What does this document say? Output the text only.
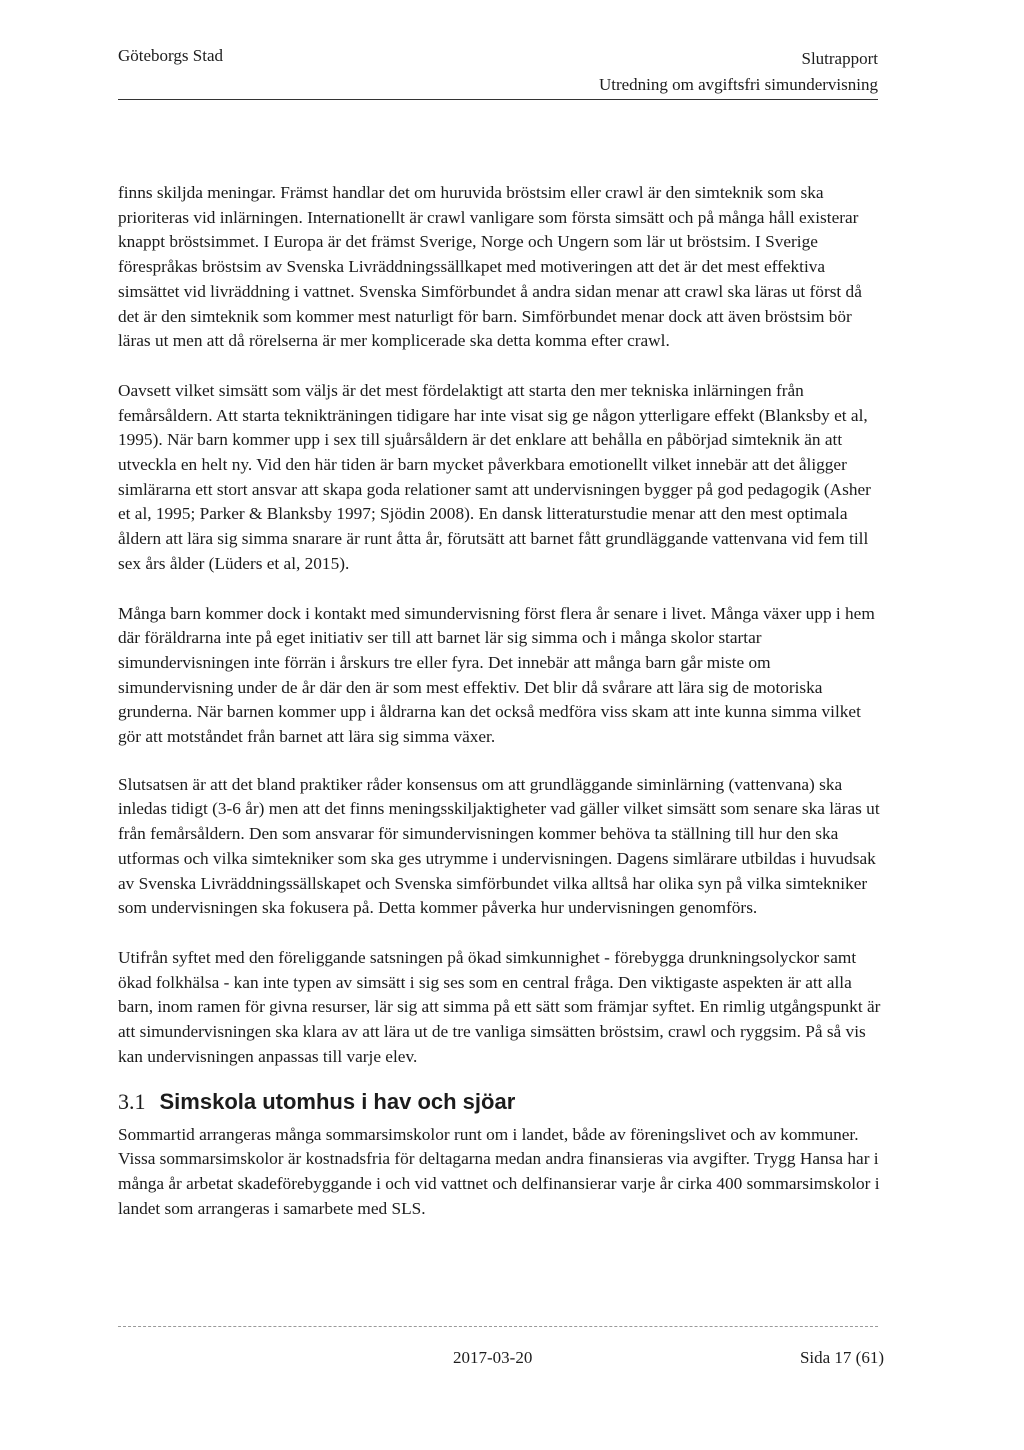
Göteborgs Stad	Slutrapport
Utredning om avgiftsfri simundervisning

finns skiljda meningar. Främst handlar det om huruvida bröstsim eller crawl är den simteknik som ska prioriteras vid inlärningen. Internationellt är crawl vanligare som första simsätt och på många håll existerar knappt bröstsimmet. I Europa är det främst Sverige, Norge och Ungern som lär ut bröstsim. I Sverige förespråkas bröstsim av Svenska Livräddningssällkapet med motiveringen att det är det mest effektiva simsättet vid livräddning i vattnet. Svenska Simförbundet å andra sidan menar att crawl ska läras ut först då det är den simteknik som kommer mest naturligt för barn. Simförbundet menar dock att även bröstsim bör läras ut men att då rörelserna är mer komplicerade ska detta komma efter crawl.

Oavsett vilket simsätt som väljs är det mest fördelaktigt att starta den mer tekniska inlärningen från femårsåldern. Att starta teknikträningen tidigare har inte visat sig ge någon ytterligare effekt (Blanksby et al, 1995). När barn kommer upp i sex till sjuårsåldern är det enklare att behålla en påbörjad simteknik än att utveckla en helt ny. Vid den här tiden är barn mycket påverkbara emotionellt vilket innebär att det åligger simlärarna ett stort ansvar att skapa goda relationer samt att undervisningen bygger på god pedagogik (Asher et al, 1995; Parker & Blanksby 1997; Sjödin 2008). En dansk litteraturstudie menar att den mest optimala åldern att lära sig simma snarare är runt åtta år, förutsätt att barnet fått grundläggande vattenvana vid fem till sex års ålder (Lüders et al, 2015).

Många barn kommer dock i kontakt med simundervisning först flera år senare i livet. Många växer upp i hem där föräldrarna inte på eget initiativ ser till att barnet lär sig simma och i många skolor startar simundervisningen inte förrän i årskurs tre eller fyra. Det innebär att många barn går miste om simundervisning under de år där den är som mest effektiv. Det blir då svårare att lära sig de motoriska grunderna. När barnen kommer upp i åldrarna kan det också medföra viss skam att inte kunna simma vilket gör att motståndet från barnet att lära sig simma växer.

Slutsatsen är att det bland praktiker råder konsensus om att grundläggande siminlärning (vattenvana) ska inledas tidigt (3-6 år) men att det finns meningsskiljaktigheter vad gäller vilket simsätt som senare ska läras ut från femårsåldern. Den som ansvarar för simundervisningen kommer behöva ta ställning till hur den ska utformas och vilka simtekniker som ska ges utrymme i undervisningen. Dagens simlärare utbildas i huvudsak av Svenska Livräddningssällskapet och Svenska simförbundet vilka alltså har olika syn på vilka simtekniker som undervisningen ska fokusera på. Detta kommer påverka hur undervisningen genomförs.

Utifrån syftet med den föreliggande satsningen på ökad simkunnighet - förebygga drunkningsolyckor samt ökad folkhälsa - kan inte typen av simsätt i sig ses som en central fråga. Den viktigaste aspekten är att alla barn, inom ramen för givna resurser, lär sig att simma på ett sätt som främjar syftet. En rimlig utgångspunkt är att simundervisningen ska klara av att lära ut de tre vanliga simsätten bröstsim, crawl och ryggsim. På så vis kan undervisningen anpassas till varje elev.

3.1 Simskola utomhus i hav och sjöar

Sommartid arrangeras många sommarsimskolor runt om i landet, både av föreningslivet och av kommuner. Vissa sommarsimskolor är kostnadsfria för deltagarna medan andra finansieras via avgifter. Trygg Hansa har i många år arbetat skadeförebyggande i och vid vattnet och delfinansierar varje år cirka 400 sommarsimskolor i landet som arrangeras i samarbete med SLS.

2017-03-20	Sida 17 (61)
